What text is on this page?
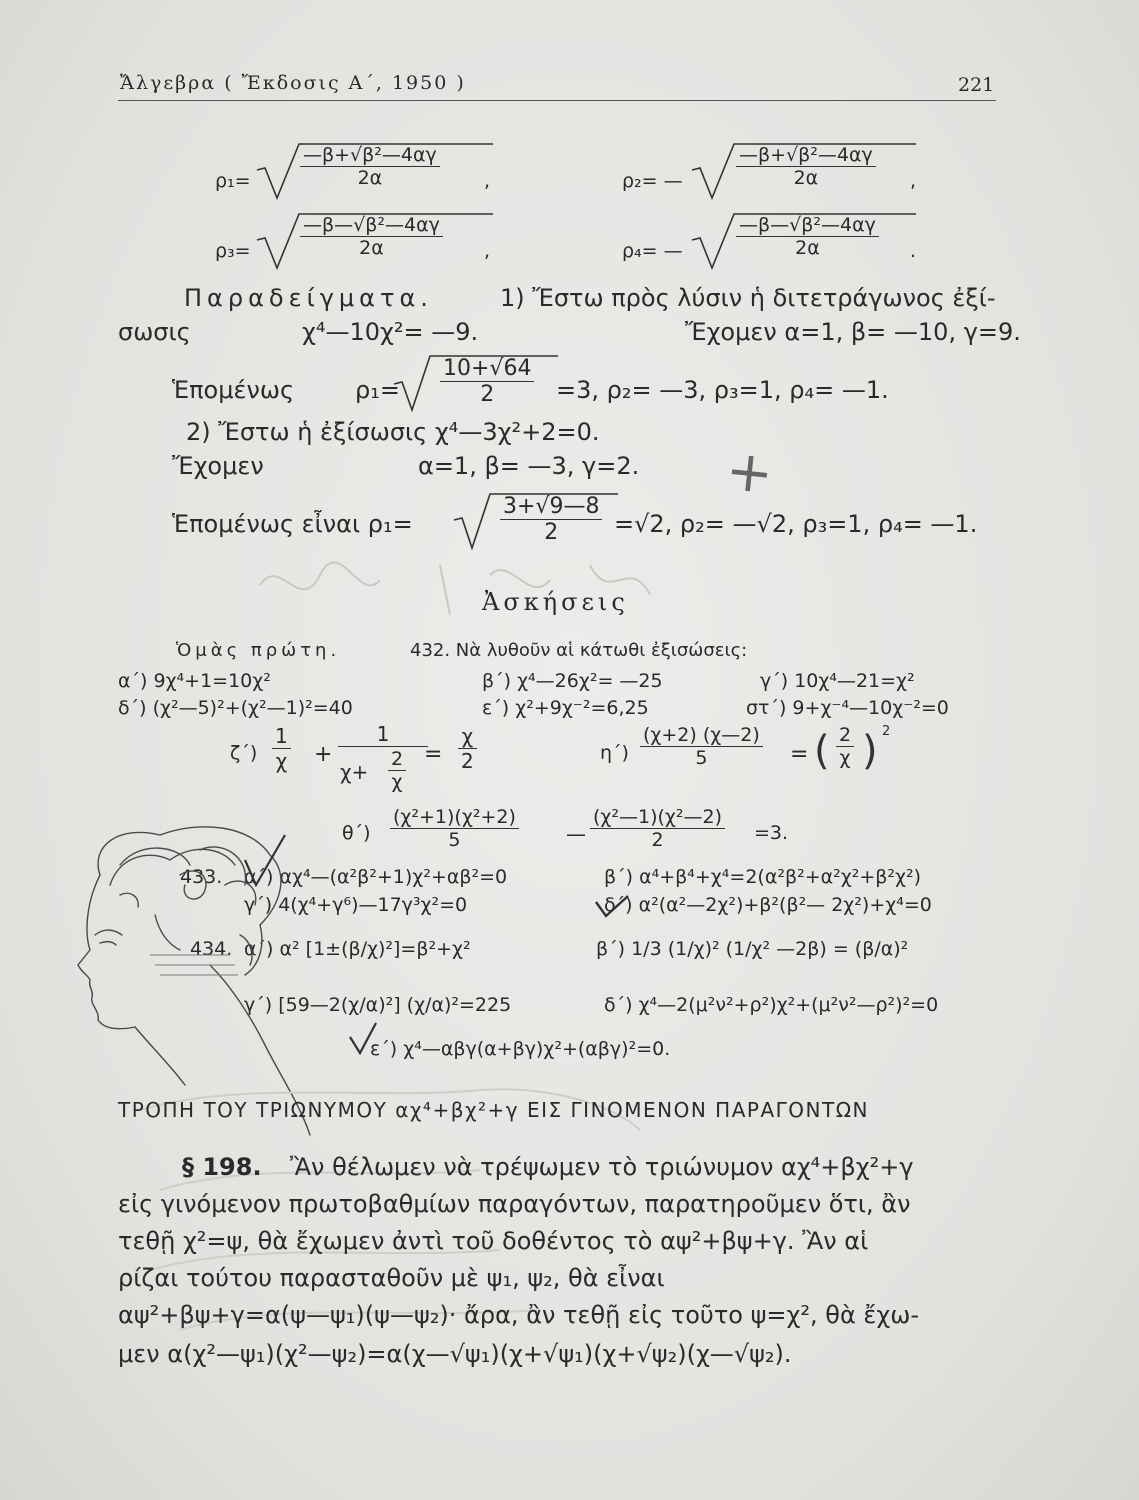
Ἄλγεβρα ( Ἔκδοσις Α΄, 1950 )	221
ρ₁=	$\frac{\text{—β+√β²—4αγ}}{2\alpha}$ ,	ρ₂= —	$\frac{\text{—β+√β²—4αγ}}{2\alpha}$ ,
ρ₃=	$\frac{\text{—β—√β²—4αγ}}{2\alpha}$ ,	ρ₄= —	$\frac{\text{—β—√β²—4αγ}}{2\alpha}$ .
Παραδείγματα.	1) Ἔστω πρὸς λύσιν ἡ διτετράγωνος ἐξί-
σωσις	χ⁴—10χ²= —9.	Ἔχομεν α=1, β= —10, γ=9.
Ἑπομένως	$\rho_1= \frac{10+√64}{2} =3$, ρ₂= —3, ρ₃=1, ρ₄= —1.
2) Ἔστω ἡ ἐξίσωσις χ⁴—3χ²+2=0.
Ἔχομεν	α=1, β= —3, γ=2.
Ἑπομένως εἶναι ρ₁=	$\frac{3+√9—8}{2} =√2$, ρ₂= —√2, ρ₃=1, ρ₄= —1.
+
Ἀσκήσεις
Ὁμὰς πρώτη.	432. Νὰ λυθοῦν αἱ κάτωθι ἐξισώσεις:
α΄) 9χ⁴+1=10χ²	β΄) χ⁴—26χ²= —25	γ΄) 10χ⁴—21=χ²
δ΄) (χ²—5)²+(χ²—1)²=40	ε΄) χ²+9χ⁻²=6,25	στ΄) 9+χ⁻⁴—10χ⁻²=0
$\zeta΄) \frac{1}{\chi}$ +
1
$\chi+ \frac{2}{\chi} = \frac{\chi}{2}$	$\eta΄) \frac{(\chi+2) (\chi—2)}{5}$ = ( $\frac{2}{\chi}$ ) 2
$\theta΄) \frac{\text{(χ²+1)(χ²+2)}}{5}$ — $\frac{\text{(χ²—1)(χ²—2)}}{2} =3$.
433. α΄) αχ⁴—(α²β²+1)χ²+αβ²=0	β΄) α⁴+β⁴+χ⁴=2(α²β²+α²χ²+β²χ²)
γ΄) 4(χ⁴+γ⁶)—17γ³χ²=0	δ΄) α²(α²—2χ²)+β²(β²— 2χ²)+χ⁴=0
434. α΄) α² [1±(β/χ)²]=β²+χ²	β΄) 1/3 (1/χ)² (1/χ² —2β) = (β/α)²
γ΄) [59—2(χ/α)²] (χ/α)²=225	δ΄) χ⁴—2(μ²ν²+ρ²)χ²+(μ²ν²—ρ²)²=0
ε΄) χ⁴—αβγ(α+βγ)χ²+(αβγ)²=0.
ΤΡΟΠΗ ΤΟΥ ΤΡΙΩΝΥΜΟΥ αχ⁴+βχ²+γ ΕΙΣ ΓΙΝΟΜΕΝΟΝ ΠΑΡΑΓΟΝΤΩΝ
§ 198. Ἂν θέλωμεν νὰ τρέψωμεν τὸ τριώνυμον αχ⁴+βχ²+γ
εἰς γινόμενον πρωτοβαθμίων παραγόντων, παρατηροῦμεν ὅτι, ἂν
τεθῇ χ²=ψ, θὰ ἔχωμεν ἀντὶ τοῦ δοθέντος τὸ αψ²+βψ+γ. Ἂν αἱ
ρίζαι τούτου παρασταθοῦν μὲ ψ₁, ψ₂, θὰ εἶναι
αψ²+βψ+γ=α(ψ—ψ₁)(ψ—ψ₂)· ἄρα, ἂν τεθῇ εἰς τοῦτο ψ=χ², θὰ ἔχω-
μεν α(χ²—ψ₁)(χ²—ψ₂)=α(χ—√ψ₁)(χ+√ψ₁)(χ+√ψ₂)(χ—√ψ₂).
